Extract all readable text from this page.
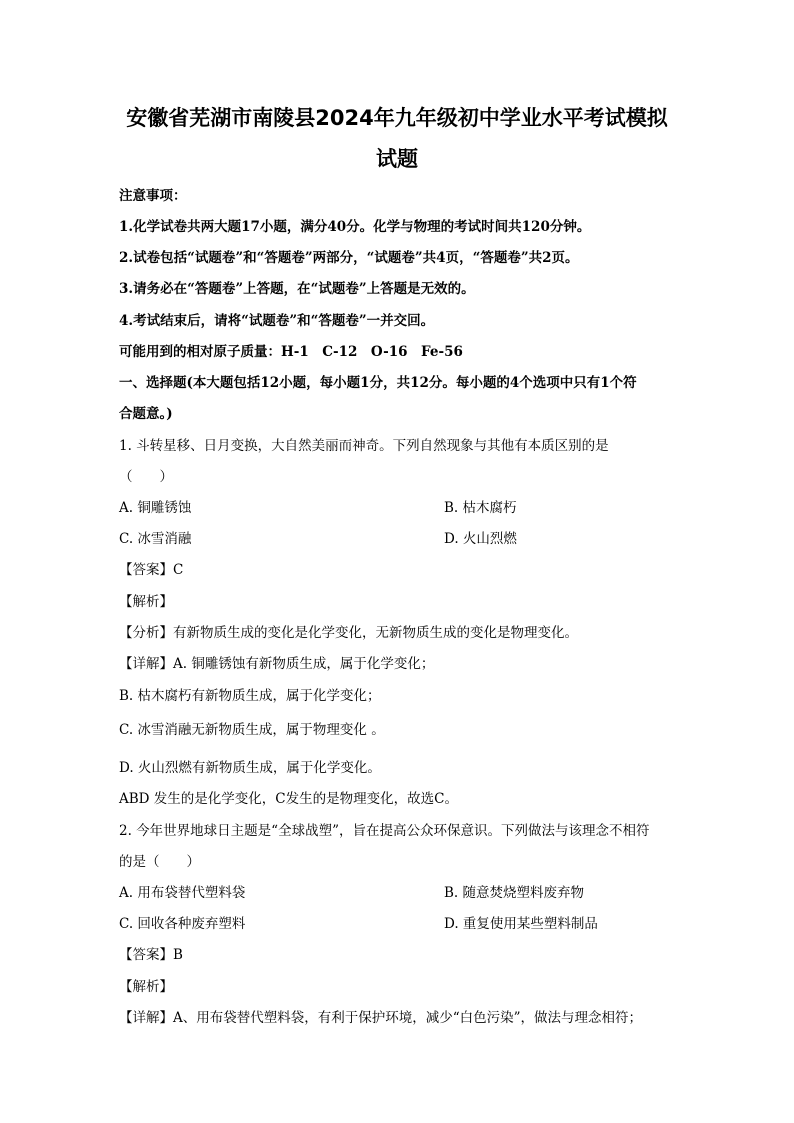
安徽省芜湖市南陵县2024年九年级初中学业水平考试模拟
试题
注意事项：
1.化学试卷共两大题17小题，满分40分。化学与物理的考试时间共120分钟。
2.试卷包括“试题卷”和“答题卷”两部分，“试题卷”共4页，“答题卷”共2页。
3.请务必在“答题卷”上答题，在“试题卷”上答题是无效的。
4.考试结束后，请将“试题卷”和“答题卷”一并交回。
可能用到的相对原子质量：H-1　C-12　O-16　Fe-56
一、选择题(本大题包括12小题，每小题1分，共12分。每小题的4个选项中只有1个符
合题意。)
1. 斗转星移、日月变换，大自然美丽而神奇。下列自然现象与其他有本质区别的是
（　　）
A. 铜雕锈蚀	B. 枯木腐朽
C. 冰雪消融	D. 火山烈燃
【答案】C
【解析】
【分析】有新物质生成的变化是化学变化，无新物质生成的变化是物理变化。
【详解】A. 铜雕锈蚀有新物质生成，属于化学变化；
B. 枯木腐朽有新物质生成，属于化学变化；
C. 冰雪消融无新物质生成，属于物理变化 。
D. 火山烈燃有新物质生成，属于化学变化。
ABD 发生的是化学变化，C发生的是物理变化，故选C。
2. 今年世界地球日主题是“全球战塑”，旨在提高公众环保意识。下列做法与该理念不相符
的是（　　）
A. 用布袋替代塑料袋	B. 随意焚烧塑料废弃物
C. 回收各种废弃塑料	D. 重复使用某些塑料制品
【答案】B
【解析】
【详解】A、用布袋替代塑料袋，有利于保护环境，减少“白色污染”，做法与理念相符；
